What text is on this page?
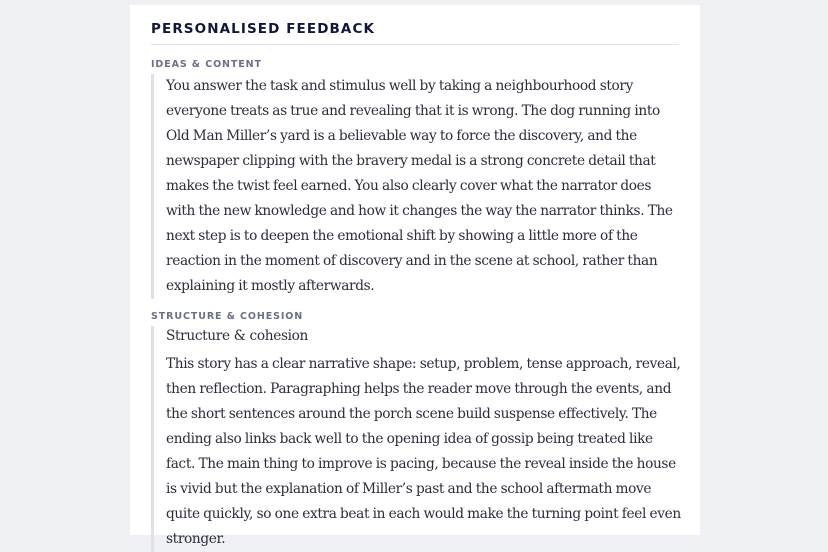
PERSONALISED FEEDBACK
IDEAS & CONTENT

You answer the task and stimulus well by taking a neighbourhood story everyone treats as true and revealing that it is wrong. The dog running into Old Man Miller’s yard is a believable way to force the discovery, and the newspaper clipping with the bravery medal is a strong concrete detail that makes the twist feel earned. You also clearly cover what the narrator does with the new knowledge and how it changes the way the narrator thinks. The next step is to deepen the emotional shift by showing a little more of the reaction in the moment of discovery and in the scene at school, rather than explaining it mostly afterwards.

STRUCTURE & COHESION

Structure & cohesion

This story has a clear narrative shape: setup, problem, tense approach, reveal, then reflection. Paragraphing helps the reader move through the events, and the short sentences around the porch scene build suspense effectively. The ending also links back well to the opening idea of gossip being treated like fact. The main thing to improve is pacing, because the reveal inside the house is vivid but the explanation of Miller’s past and the school aftermath move quite quickly, so one extra beat in each would make the turning point feel even stronger.
